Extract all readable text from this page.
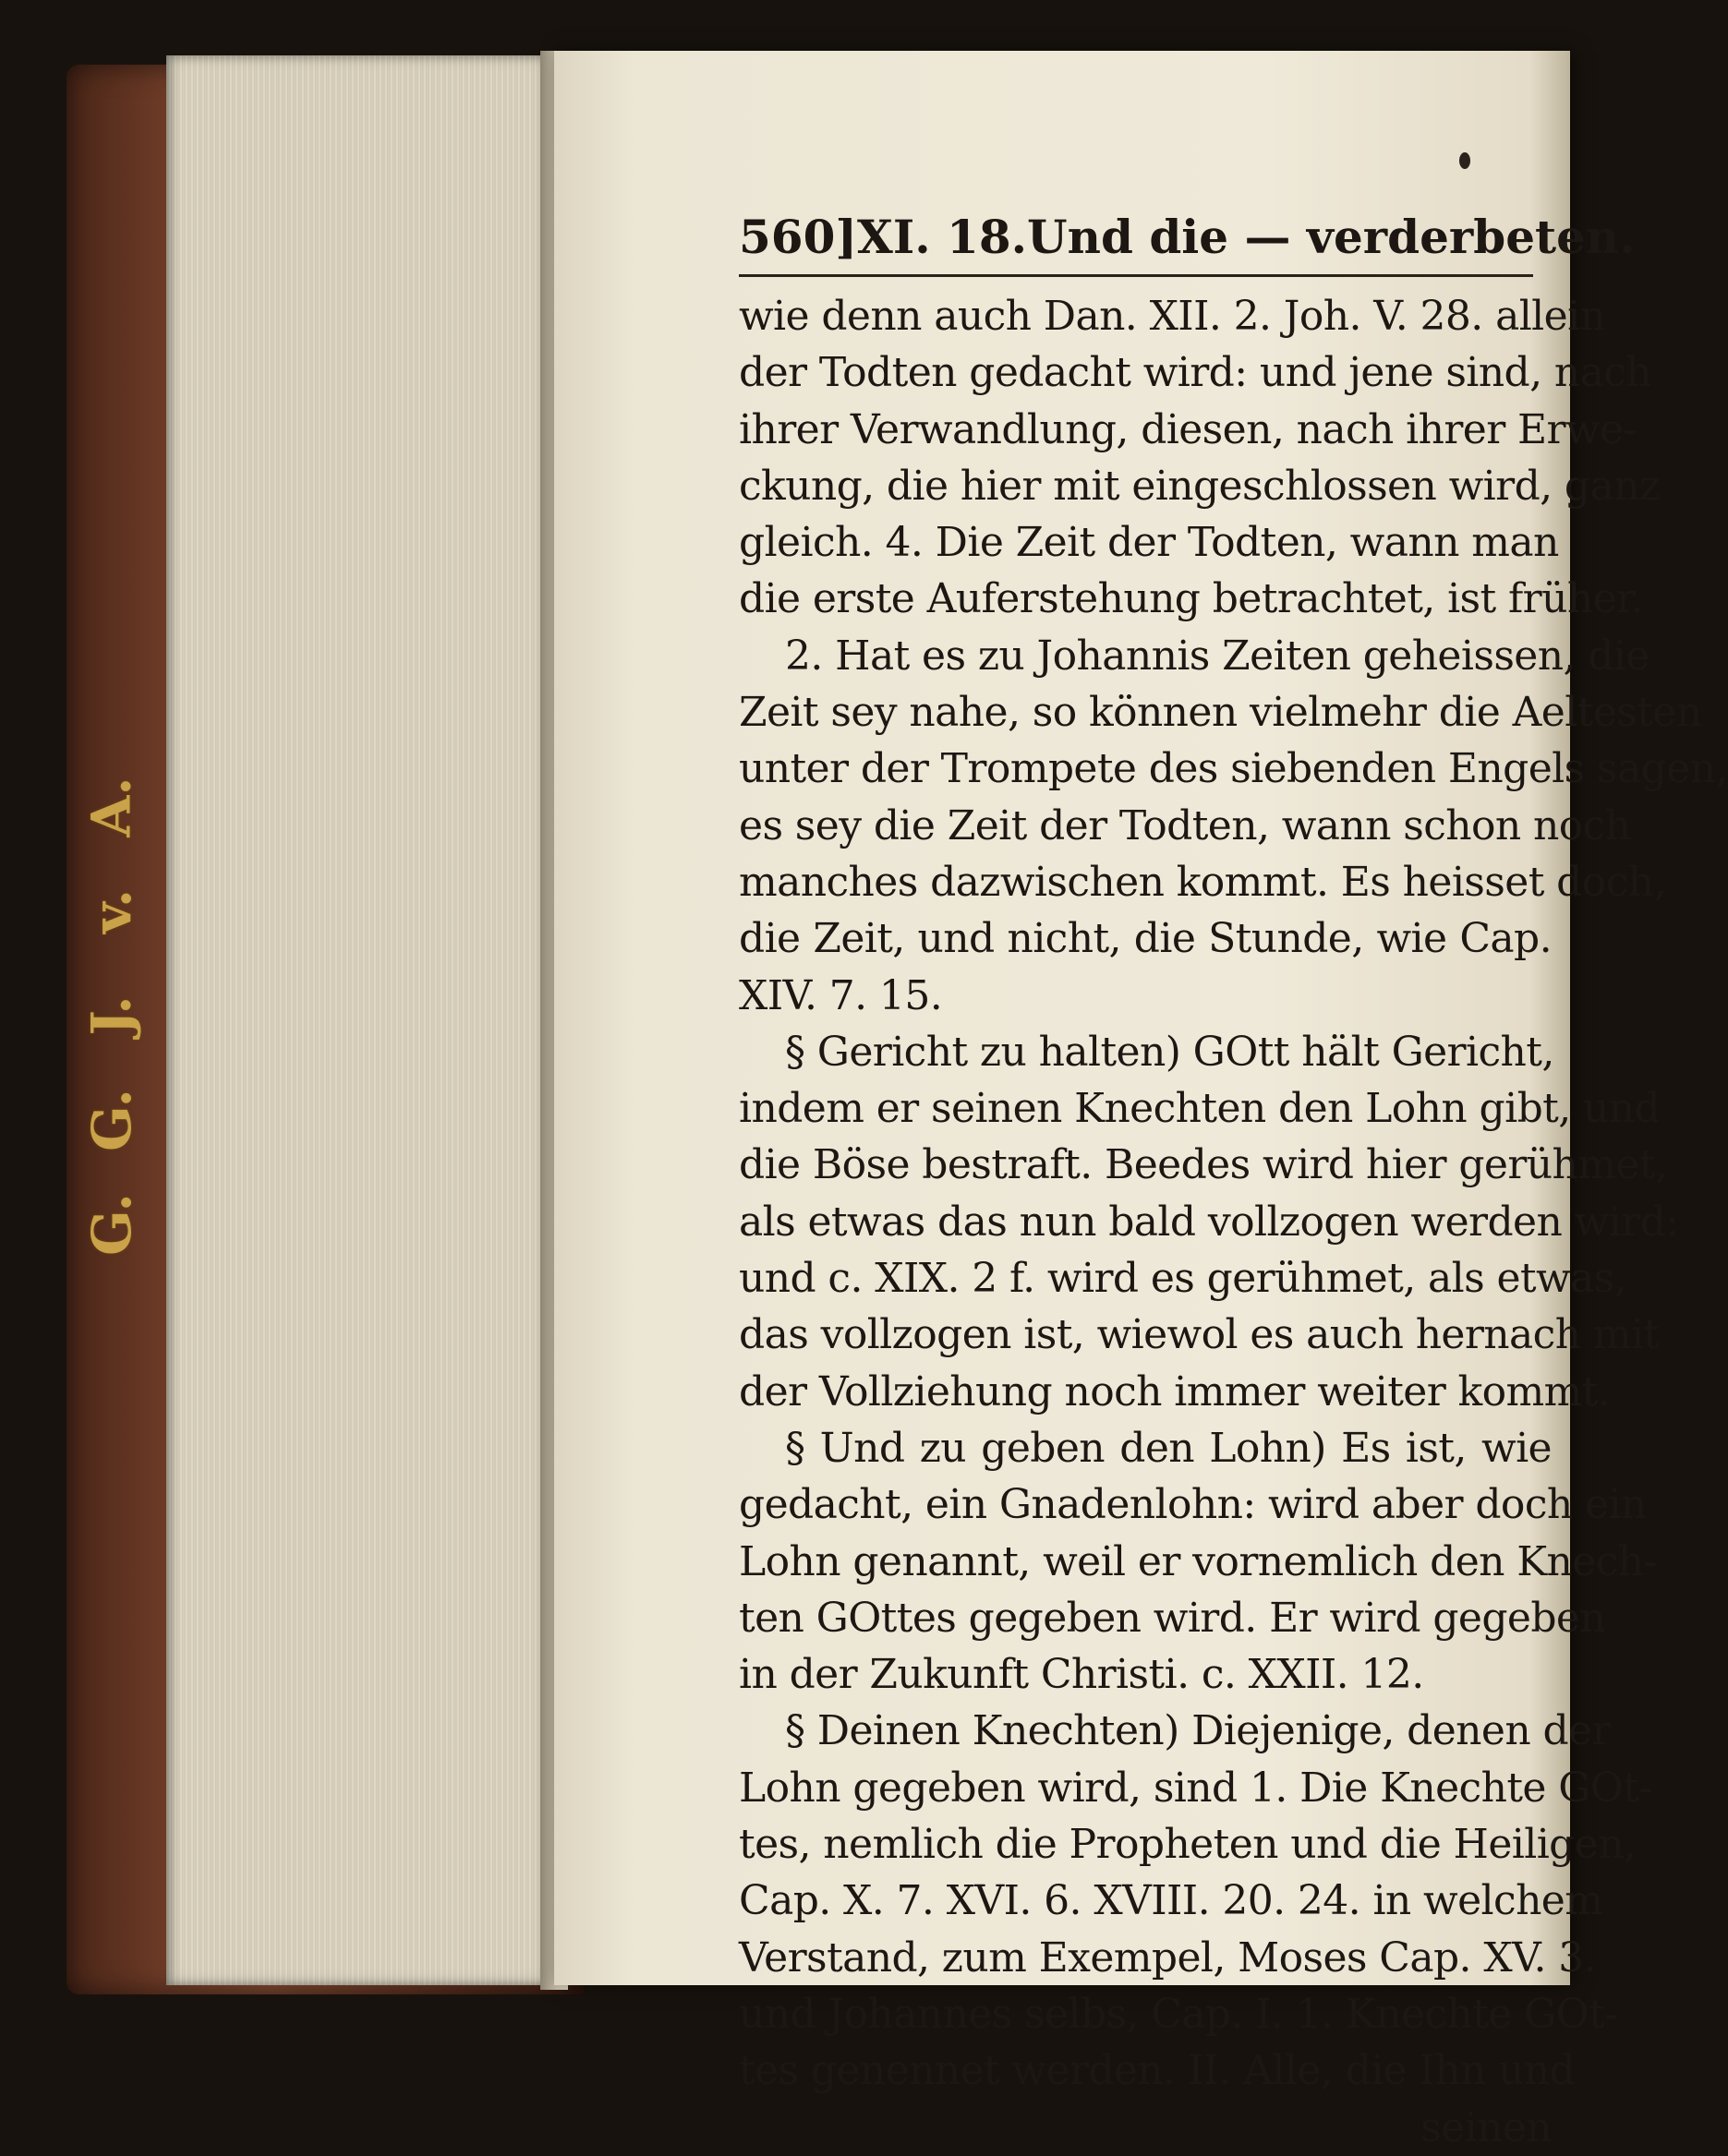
A.
v.
J.
G.
G.
560] XI. 18. Und die — verderbeten.
wie denn auch Dan. XII. 2. Joh. V. 28. allein
der Todten gedacht wird: und jene sind, nach
ihrer Verwandlung, diesen, nach ihrer Erwe-
ckung, die hier mit eingeschlossen wird, ganz
gleich. 4. Die Zeit der Todten, wann man
die erste Auferstehung betrachtet, ist früher.
2. Hat es zu Johannis Zeiten geheissen, die
Zeit sey nahe, so können vielmehr die Aeltesten
unter der Trompete des siebenden Engels sagen,
es sey die Zeit der Todten, wann schon noch
manches dazwischen kommt. Es heisset doch,
die Zeit, und nicht, die Stunde, wie Cap.
XIV. 7. 15.
§ Gericht zu halten) GOtt hält Gericht,
indem er seinen Knechten den Lohn gibt, und
die Böse bestraft. Beedes wird hier gerühmet,
als etwas das nun bald vollzogen werden wird:
und c. XIX. 2 f. wird es gerühmet, als etwas,
das vollzogen ist, wiewol es auch hernach mit
der Vollziehung noch immer weiter kommt.
§ Und zu geben den Lohn) Es ist, wie
gedacht, ein Gnadenlohn: wird aber doch ein
Lohn genannt, weil er vornemlich den Knech-
ten GOttes gegeben wird. Er wird gegeben
in der Zukunft Christi. c. XXII. 12.
§ Deinen Knechten) Diejenige, denen der
Lohn gegeben wird, sind 1. Die Knechte GOt-
tes, nemlich die Propheten und die Heiligen,
Cap. X. 7. XVI. 6. XVIII. 20. 24. in welchem
Verstand, zum Exempel, Moses Cap. XV. 3.
und Johannes selbs, Cap. I. 1. Knechte GOt-
tes genennet werden. II. Alle, die Ihn und
seinen
